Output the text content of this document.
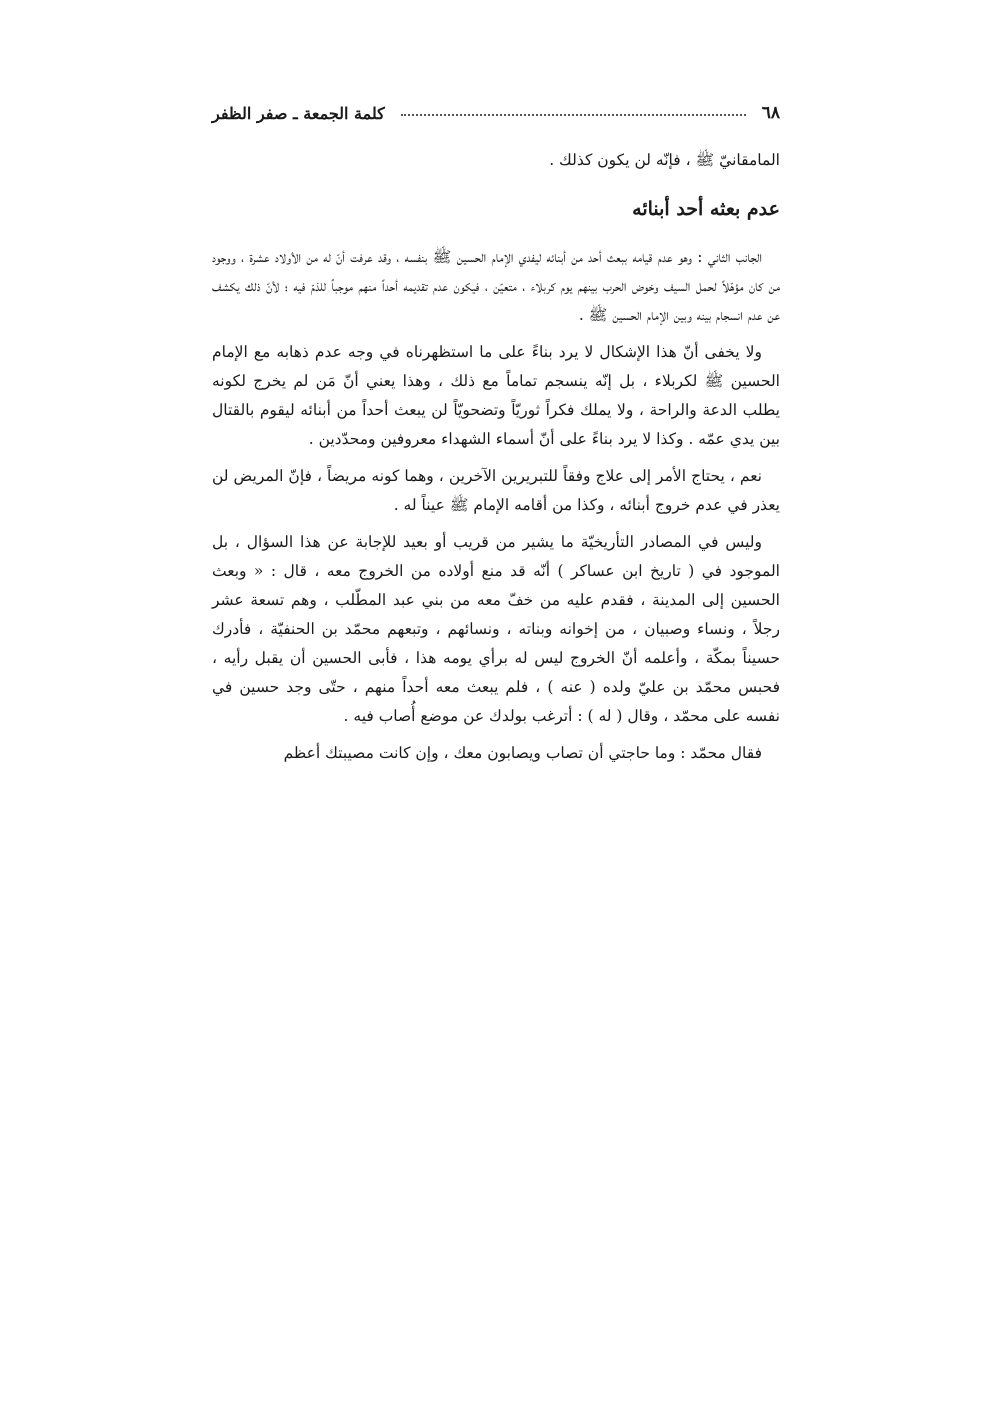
٦٨
كلمة الجمعة ـ صفر الظفر

المامقانيّ ﷺ ، فإنّه لن يكون كذلك .

عدم بعثه أحد أبنائه

الجانب الثاني : وهو عدم قيامه ببعث أحد من أبنائه ليفدي الإمام الحسين ﷺ بنفسه ، وقد عرفت أنّ له من الأولاد عشرة ، ووجود من كان مؤهّلاً لحمل السيف وخوض الحرب بينهم يوم كربلاء ، متعيّن ، فيكون عدم تقديمه أحداً منهم موجباً للذمّ فيه ؛ لأنّ ذلك يكشف عن عدم انسجام بينه وبين الإمام الحسين ﷺ .

ولا يخفى أنّ هذا الإشكال لا يرد بناءً على ما استظهرناه في وجه عدم ذهابه مع الإمام الحسين ﷺ لكربلاء ، بل إنّه ينسجم تماماً مع ذلك ، وهذا يعني أنّ مَن لم يخرج لكونه يطلب الدعة والراحة ، ولا يملك فكراً ثوريّاً وتضحويّاً لن يبعث أحداً من أبنائه ليقوم بالقتال بين يدي عمّه . وكذا لا يرد بناءً على أنّ أسماء الشهداء معروفين ومحدّدين .

نعم ، يحتاج الأمر إلى علاج وفقاً للتبريرين الآخرين ، وهما كونه مريضاً ، فإنّ المريض لن يعذر في عدم خروج أبنائه ، وكذا من أقامه الإمام ﷺ عيناً له .

وليس في المصادر التأريخيّة ما يشير من قريب أو بعيد للإجابة عن هذا السؤال ، بل الموجود في ( تاريخ ابن عساكر ) أنّه قد منع أولاده من الخروج معه ، قال : « وبعث الحسين إلى المدينة ، فقدم عليه من خفّ معه من بني عبد المطّلب ، وهم تسعة عشر رجلاً ، ونساء وصبيان ، من إخوانه وبناته ، ونسائهم ، وتبعهم محمّد بن الحنفيّة ، فأدرك حسيناً بمكّة ، وأعلمه أنّ الخروج ليس له برأي يومه هذا ، فأبى الحسين أن يقبل رأيه ، فحبس محمّد بن عليّ ولده ( عنه ) ، فلم يبعث معه أحداً منهم ، حتّى وجد حسين في نفسه على محمّد ، وقال ( له ) : أترغب بولدك عن موضع أُصاب فيه .

فقال محمّد : وما حاجتي أن تصاب ويصابون معك ، وإن كانت مصيبتك أعظم
